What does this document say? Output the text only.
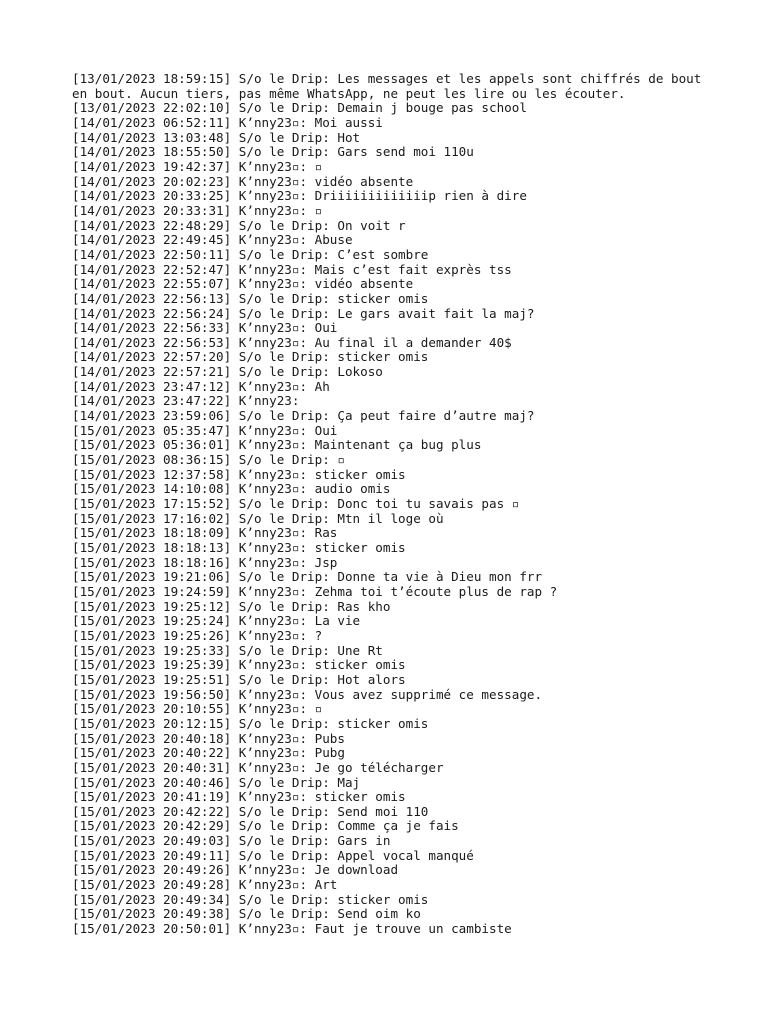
[13/01/2023 18:59:15] S/o le Drip: Les messages et les appels sont chiffrés de bout
en bout. Aucun tiers, pas même WhatsApp, ne peut les lire ou les écouter.
[13/01/2023 22:02:10] S/o le Drip: Demain j bouge pas school
[14/01/2023 06:52:11] K’nny23▫: Moi aussi
[14/01/2023 13:03:48] S/o le Drip: Hot
[14/01/2023 18:55:50] S/o le Drip: Gars send moi 110u
[14/01/2023 19:42:37] K’nny23▫: ▫
[14/01/2023 20:02:23] K’nny23▫: vidéo absente
[14/01/2023 20:33:25] K’nny23▫: Driiiiiiiiiiiiip rien à dire
[14/01/2023 20:33:31] K’nny23▫: ▫
[14/01/2023 22:48:29] S/o le Drip: On voit r
[14/01/2023 22:49:45] K’nny23▫: Abuse
[14/01/2023 22:50:11] S/o le Drip: C’est sombre
[14/01/2023 22:52:47] K’nny23▫: Mais c’est fait exprès tss
[14/01/2023 22:55:07] K’nny23▫: vidéo absente
[14/01/2023 22:56:13] S/o le Drip: sticker omis
[14/01/2023 22:56:24] S/o le Drip: Le gars avait fait la maj?
[14/01/2023 22:56:33] K’nny23▫: Oui
[14/01/2023 22:56:53] K’nny23▫: Au final il a demander 40$
[14/01/2023 22:57:20] S/o le Drip: sticker omis
[14/01/2023 22:57:21] S/o le Drip: Lokoso
[14/01/2023 23:47:12] K’nny23▫: Ah
[14/01/2023 23:47:22] K’nny23:
[14/01/2023 23:59:06] S/o le Drip: Ça peut faire d’autre maj?
[15/01/2023 05:35:47] K’nny23▫: Oui
[15/01/2023 05:36:01] K’nny23▫: Maintenant ça bug plus
[15/01/2023 08:36:15] S/o le Drip: ▫
[15/01/2023 12:37:58] K’nny23▫: sticker omis
[15/01/2023 14:10:08] K’nny23▫: audio omis
[15/01/2023 17:15:52] S/o le Drip: Donc toi tu savais pas ▫
[15/01/2023 17:16:02] S/o le Drip: Mtn il loge où
[15/01/2023 18:18:09] K’nny23▫: Ras
[15/01/2023 18:18:13] K’nny23▫: sticker omis
[15/01/2023 18:18:16] K’nny23▫: Jsp
[15/01/2023 19:21:06] S/o le Drip: Donne ta vie à Dieu mon frr
[15/01/2023 19:24:59] K’nny23▫: Zehma toi t’écoute plus de rap ?
[15/01/2023 19:25:12] S/o le Drip: Ras kho
[15/01/2023 19:25:24] K’nny23▫: La vie
[15/01/2023 19:25:26] K’nny23▫: ?
[15/01/2023 19:25:33] S/o le Drip: Une Rt
[15/01/2023 19:25:39] K’nny23▫: sticker omis
[15/01/2023 19:25:51] S/o le Drip: Hot alors
[15/01/2023 19:56:50] K’nny23▫: Vous avez supprimé ce message.
[15/01/2023 20:10:55] K’nny23▫: ▫
[15/01/2023 20:12:15] S/o le Drip: sticker omis
[15/01/2023 20:40:18] K’nny23▫: Pubs
[15/01/2023 20:40:22] K’nny23▫: Pubg
[15/01/2023 20:40:31] K’nny23▫: Je go télécharger
[15/01/2023 20:40:46] S/o le Drip: Maj
[15/01/2023 20:41:19] K’nny23▫: sticker omis
[15/01/2023 20:42:22] S/o le Drip: Send moi 110
[15/01/2023 20:42:29] S/o le Drip: Comme ça je fais
[15/01/2023 20:49:03] S/o le Drip: Gars in
[15/01/2023 20:49:11] S/o le Drip: Appel vocal manqué
[15/01/2023 20:49:26] K’nny23▫: Je download
[15/01/2023 20:49:28] K’nny23▫: Art
[15/01/2023 20:49:34] S/o le Drip: sticker omis
[15/01/2023 20:49:38] S/o le Drip: Send oim ko
[15/01/2023 20:50:01] K’nny23▫: Faut je trouve un cambiste
